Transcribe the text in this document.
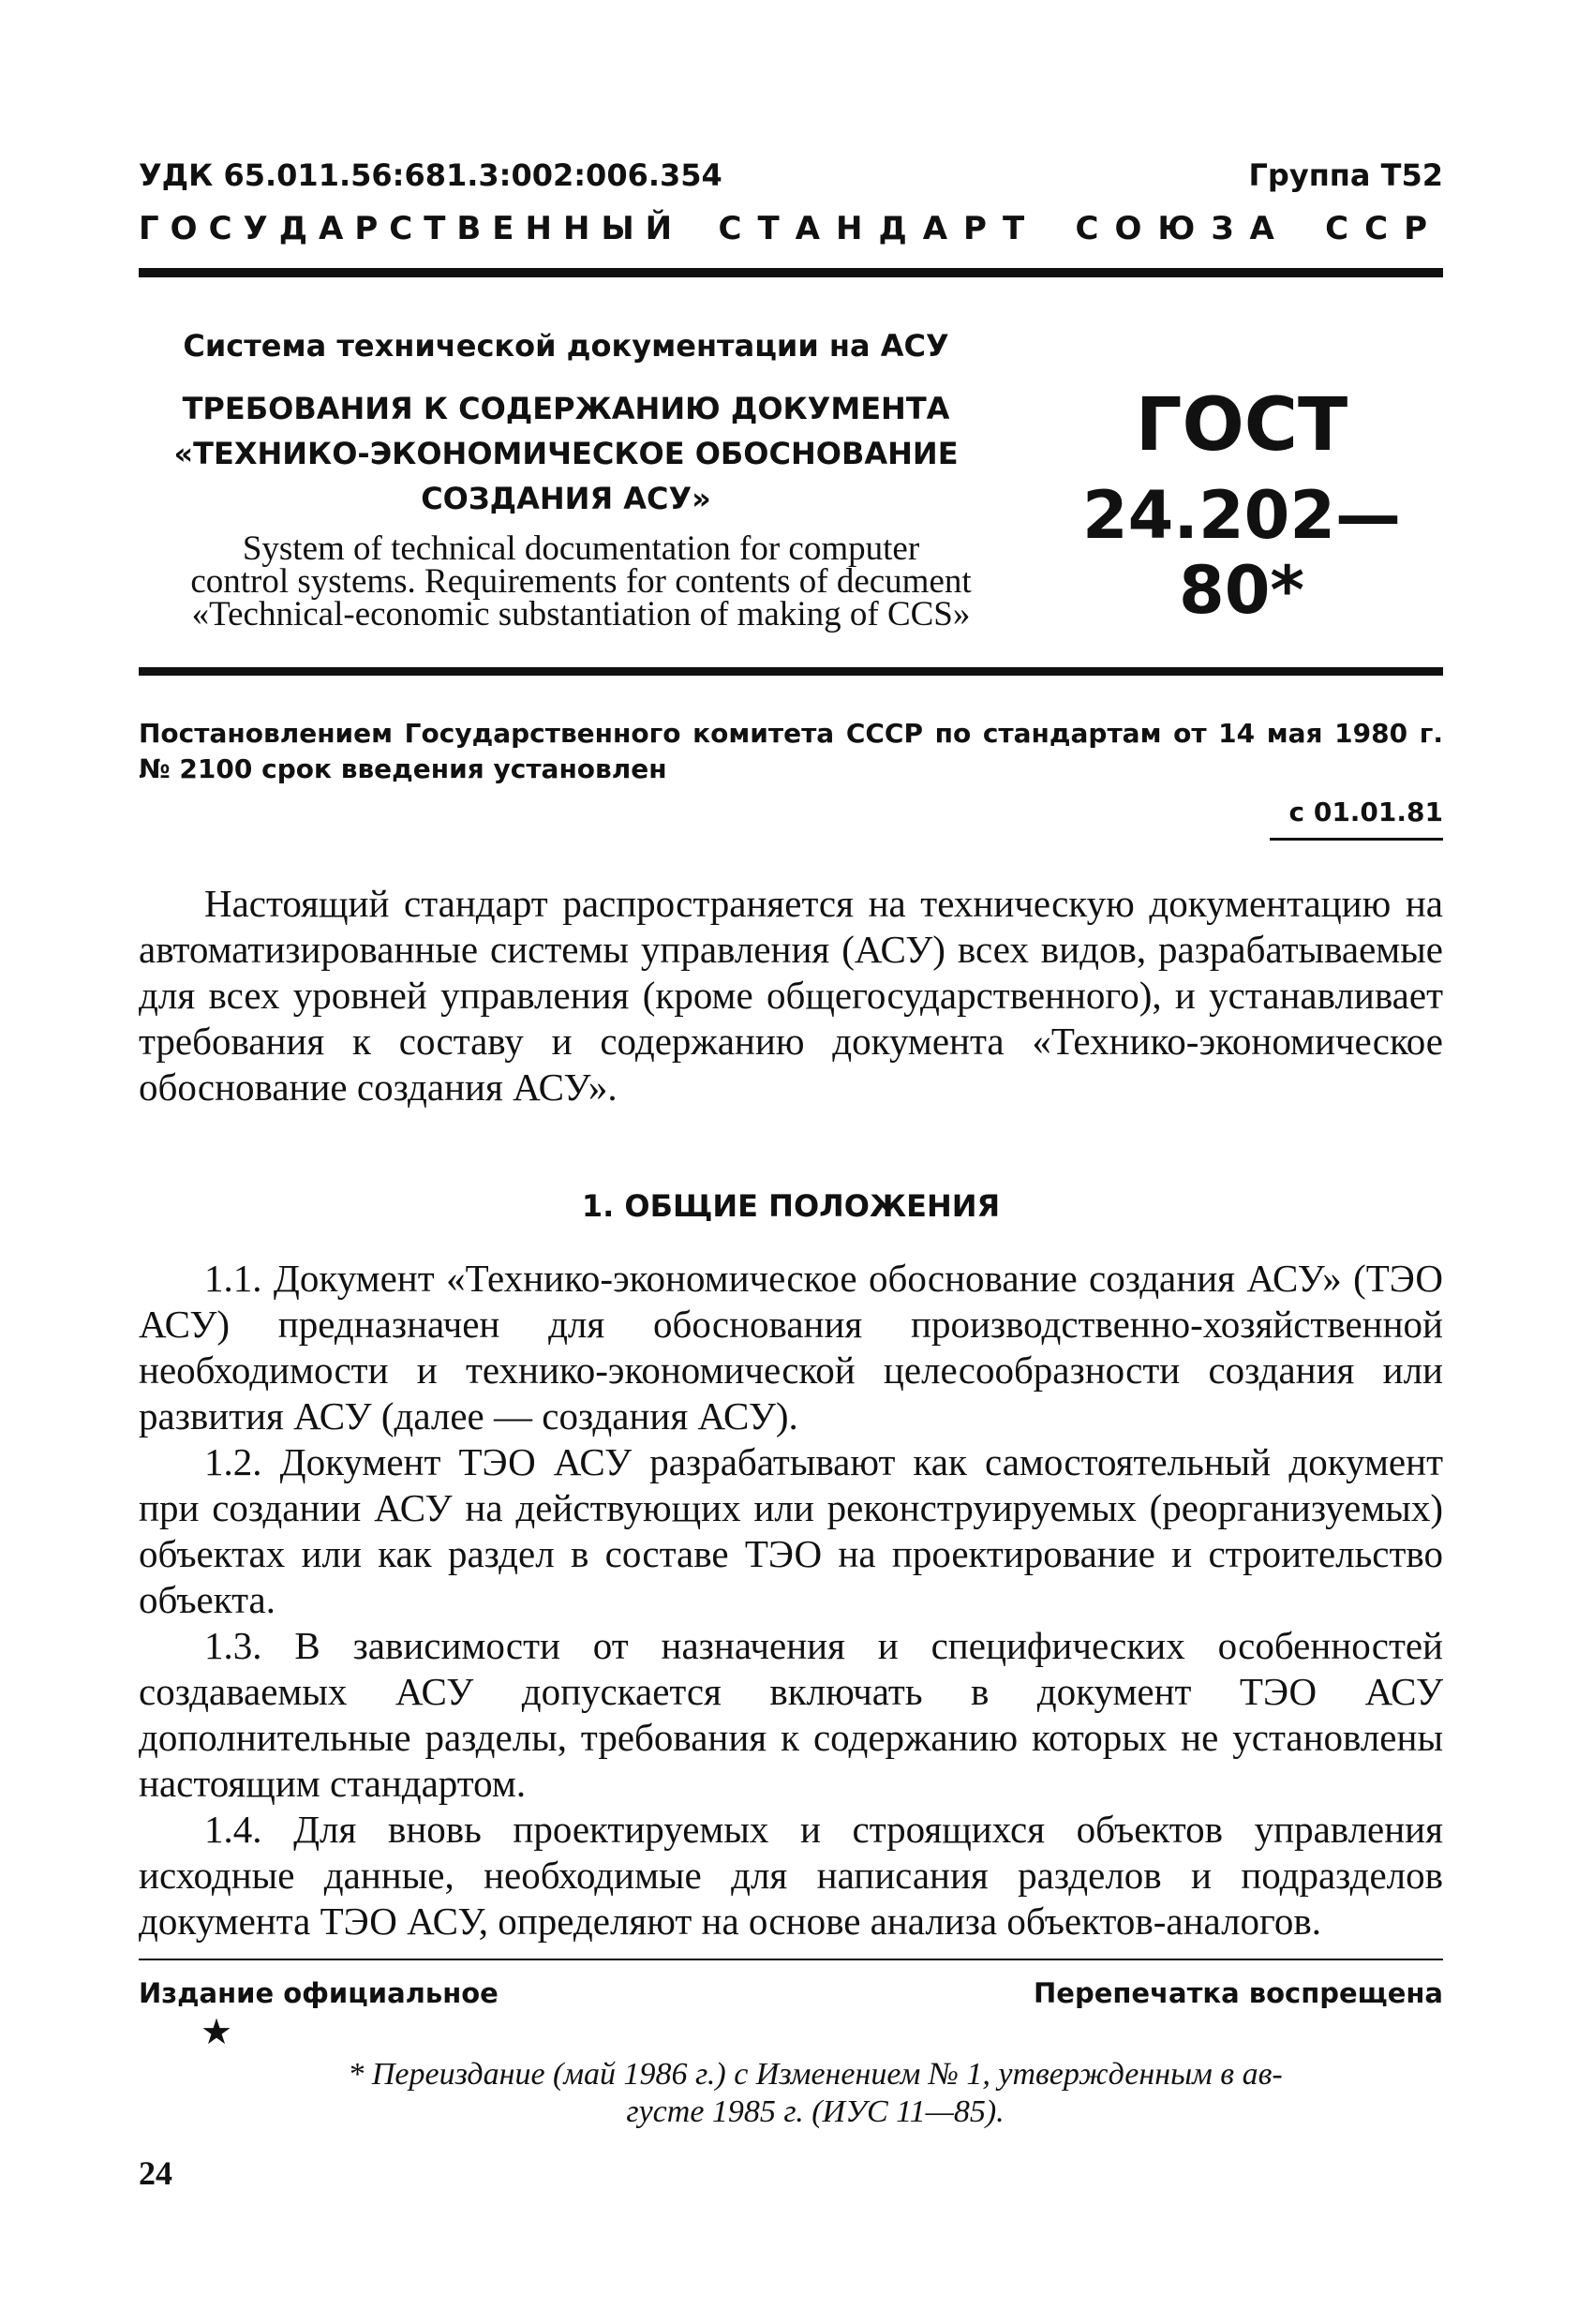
УДК 65.011.56:681.3:002:006.354	Группа Т52
ГОСУДАРСТВЕННЫЙ СТАНДАРТ СОЮЗА ССР
Система технической документации на АСУ
ТРЕБОВАНИЯ К СОДЕРЖАНИЮ ДОКУМЕНТА
«ТЕХНИКО-ЭКОНОМИЧЕСКОЕ ОБОСНОВАНИЕ
СОЗДАНИЯ АСУ»
System of technical documentation for computer
control systems. Requirements for contents of decument
«Technical-economic substantiation of making of CCS»
ГОСТ
24.202—80*
Постановлением Государственного комитета СССР по стандартам от 14 мая 1980 г. № 2100 срок введения установлен
с 01.01.81

Настоящий стандарт распространяется на техническую документацию на автоматизированные системы управления (АСУ) всех видов, разрабатываемые для всех уровней управления (кроме общегосударственного), и устанавливает требования к составу и содержанию документа «Технико-экономическое обоснование создания АСУ».

1. ОБЩИЕ ПОЛОЖЕНИЯ

1.1. Документ «Технико-экономическое обоснование создания АСУ» (ТЭО АСУ) предназначен для обоснования производственно-хозяйственной необходимости и технико-экономической целесообразности создания или развития АСУ (далее — создания АСУ).

1.2. Документ ТЭО АСУ разрабатывают как самостоятельный документ при создании АСУ на действующих или реконструируемых (реорганизуемых) объектах или как раздел в составе ТЭО на проектирование и строительство объекта.

1.3. В зависимости от назначения и специфических особенностей создаваемых АСУ допускается включать в документ ТЭО АСУ дополнительные разделы, требования к содержанию которых не установлены настоящим стандартом.

1.4. Для вновь проектируемых и строящихся объектов управления исходные данные, необходимые для написания разделов и подразделов документа ТЭО АСУ, определяют на основе анализа объектов-аналогов.

Издание официальное	Перепечатка воспрещена
★
* Переиздание (май 1986 г.) с Изменением № 1, утвержденным в ав-
густе 1985 г. (ИУС 11—85).
24
